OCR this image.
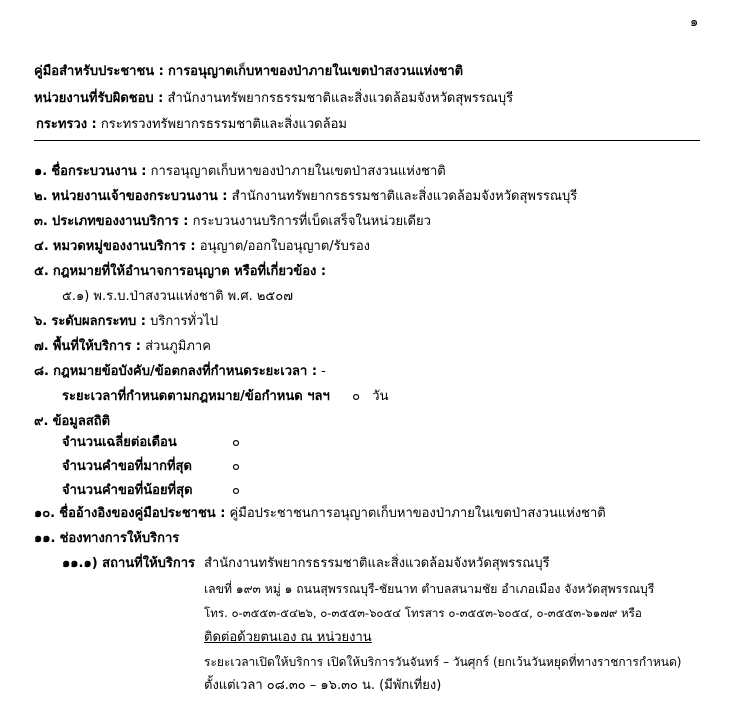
๑
คู่มือสำหรับประชาชน : การอนุญาตเก็บหาของป่าภายในเขตป่าสงวนแห่งชาติ
หน่วยงานที่รับผิดชอบ : สำนักงานทรัพยากรธรรมชาติและสิ่งแวดล้อมจังหวัดสุพรรณบุรี
กระทรวง : กระทรวงทรัพยากรธรรมชาติและสิ่งแวดล้อม
๑. ชื่อกระบวนงาน : การอนุญาตเก็บหาของป่าภายในเขตป่าสงวนแห่งชาติ
๒. หน่วยงานเจ้าของกระบวนงาน : สำนักงานทรัพยากรธรรมชาติและสิ่งแวดล้อมจังหวัดสุพรรณบุรี
๓. ประเภทของงานบริการ : กระบวนงานบริการที่เบ็ดเสร็จในหน่วยเดียว
๔. หมวดหมู่ของงานบริการ : อนุญาต/ออกใบอนุญาต/รับรอง
๕. กฎหมายที่ให้อำนาจการอนุญาต หรือที่เกี่ยวข้อง :
๕.๑) พ.ร.บ.ป่าสงวนแห่งชาติ พ.ศ. ๒๕๐๗
๖. ระดับผลกระทบ : บริการทั่วไป
๗. พื้นที่ให้บริการ : ส่วนภูมิภาค
๘. กฎหมายข้อบังคับ/ข้อตกลงที่กำหนดระยะเวลา : -
ระยะเวลาที่กำหนดตามกฎหมาย/ข้อกำหนด ฯลฯ ๐ วัน
๙. ข้อมูลสถิติ
จำนวนเฉลี่ยต่อเดือน	๐
จำนวนคำขอที่มากที่สุด	๐
จำนวนคำขอที่น้อยที่สุด	๐
๑๐. ชื่ออ้างอิงของคู่มือประชาชน : คู่มือประชาชนการอนุญาตเก็บหาของป่าภายในเขตป่าสงวนแห่งชาติ
๑๑. ช่องทางการให้บริการ
๑๑.๑) สถานที่ให้บริการ สำนักงานทรัพยากรธรรมชาติและสิ่งแวดล้อมจังหวัดสุพรรณบุรี
เลขที่ ๑๙๓ หมู่ ๑ ถนนสุพรรณบุรี-ชัยนาท ตำบลสนามชัย อำเภอเมือง จังหวัดสุพรรณบุรี
โทร. ๐-๓๕๕๓-๕๔๒๖, ๐-๓๕๕๓-๖๐๕๔ โทรสาร ๐-๓๕๕๓-๖๐๕๔, ๐-๓๕๕๓-๖๑๗๙ หรือ
ติดต่อด้วยตนเอง ณ หน่วยงาน
ระยะเวลาเปิดให้บริการ เปิดให้บริการวันจันทร์ – วันศุกร์ (ยกเว้นวันหยุดที่ทางราชการกำหนด)
ตั้งแต่เวลา ๐๘.๓๐ – ๑๖.๓๐ น. (มีพักเที่ยง)
